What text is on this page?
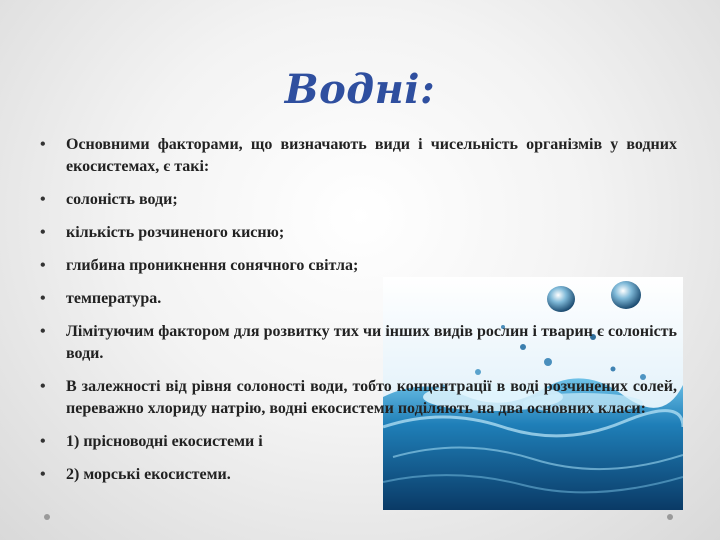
Водні:
• Основними факторами, що визначають види і чисельність організмів у водних екосистемах, є такі:
• солоність води;
• кількість розчиненого кисню;
• глибина проникнення сонячного світла;
• температура.
• Лімітуючим фактором для розвитку тих чи інших видів рослин і тварин є солоність води.
• В залежності від рівня солоності води, тобто концентрації в воді розчинених солей, переважно хлориду натрію, водні екосистеми поділяють на два основних класи:
• 1) прісноводні екосистеми і
• 2) морські екосистеми.
